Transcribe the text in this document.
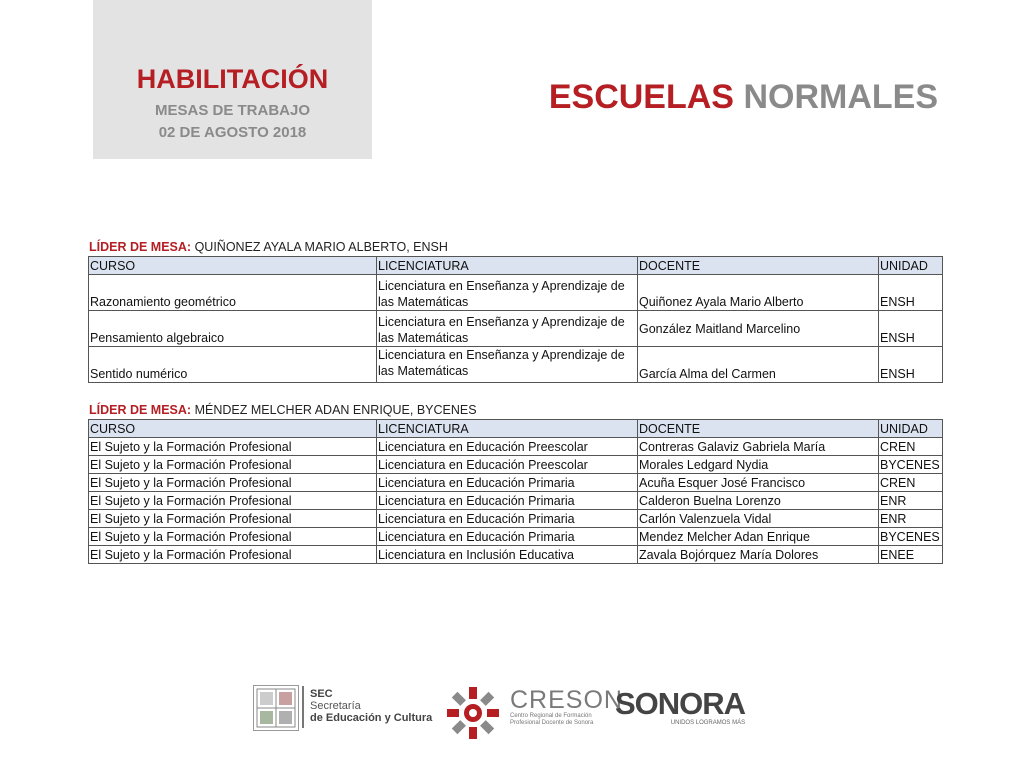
HABILITACIÓN
MESAS DE TRABAJO
02 DE AGOSTO 2018
ESCUELAS NORMALES
LÍDER DE MESA: QUIÑONEZ AYALA MARIO ALBERTO, ENSH
CURSO	LICENCIATURA	DOCENTE	UNIDAD
Razonamiento geométrico	Licenciatura en Enseñanza y Aprendizaje de las Matemáticas	Quiñonez Ayala Mario Alberto	ENSH
Pensamiento algebraico	Licenciatura en Enseñanza y Aprendizaje de las Matemáticas	González Maitland Marcelino	ENSH
Sentido numérico	Licenciatura en Enseñanza y Aprendizaje de las Matemáticas	García Alma del Carmen	ENSH
LÍDER DE MESA: MÉNDEZ MELCHER ADAN ENRIQUE, BYCENES
CURSO	LICENCIATURA	DOCENTE	UNIDAD
El Sujeto y la Formación Profesional	Licenciatura en Educación Preescolar	Contreras Galaviz Gabriela María	CREN
El Sujeto y la Formación Profesional	Licenciatura en Educación Preescolar	Morales Ledgard Nydia	BYCENES
El Sujeto y la Formación Profesional	Licenciatura en Educación Primaria	Acuña Esquer José Francisco	CREN
El Sujeto y la Formación Profesional	Licenciatura en Educación Primaria	Calderon Buelna Lorenzo	ENR
El Sujeto y la Formación Profesional	Licenciatura en Educación Primaria	Carlón Valenzuela Vidal	ENR
El Sujeto y la Formación Profesional	Licenciatura en Educación Primaria	Mendez Melcher Adan Enrique	BYCENES
El Sujeto y la Formación Profesional	Licenciatura en Inclusión Educativa	Zavala Bojórquez María Dolores	ENEE
SEC
Secretaría
de Educación y Cultura
CRESON
Centro Regional de Formación Profesional Docente de Sonora
SONORA
UNIDOS LOGRAMOS MÁS
